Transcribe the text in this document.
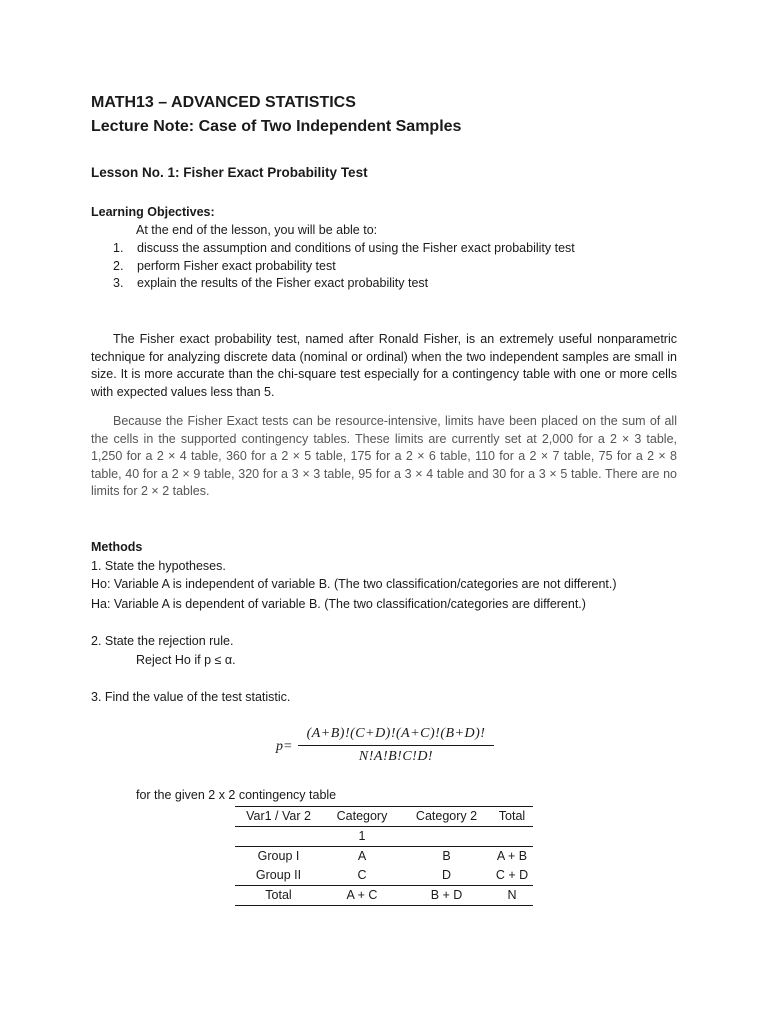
MATH13 – ADVANCED STATISTICS
Lecture Note: Case of Two Independent Samples
Lesson No. 1: Fisher Exact Probability Test
Learning Objectives:
At the end of the lesson, you will be able to:
1.	discuss the assumption and conditions of using the Fisher exact probability test
2.	perform Fisher exact probability test
3.	explain the results of the Fisher exact probability test

The Fisher exact probability test, named after Ronald Fisher, is an extremely useful nonparametric technique for analyzing discrete data (nominal or ordinal) when the two independent samples are small in size. It is more accurate than the chi-square test especially for a contingency table with one or more cells with expected values less than 5.

Because the Fisher Exact tests can be resource-intensive, limits have been placed on the sum of all the cells in the supported contingency tables. These limits are currently set at 2,000 for a 2 × 3 table, 1,250 for a 2 × 4 table, 360 for a 2 × 5 table, 175 for a 2 × 6 table, 110 for a 2 × 7 table, 75 for a 2 × 8 table, 40 for a 2 × 9 table, 320 for a 3 × 3 table, 95 for a 3 × 4 table and 30 for a 3 × 5 table. There are no limits for 2 × 2 tables.

Methods
1. State the hypotheses.
Ho: Variable A is independent of variable B. (The two classification/categories are not different.)
Ha: Variable A is dependent of variable B. (The two classification/categories are different.)
2. State the rejection rule.
Reject Ho if p ≤ α.
3. Find the value of the test statistic.
p=
(A+B)!(C+D)!(A+C)!(B+D)!
N!A!B!C!D!
for the given 2 x 2 contingency table
Var1 / Var 2	Category	Category 2	Total
	1		
Group I	A	B	A + B
Group II	C	D	C + D
Total	A + C	B + D	N
